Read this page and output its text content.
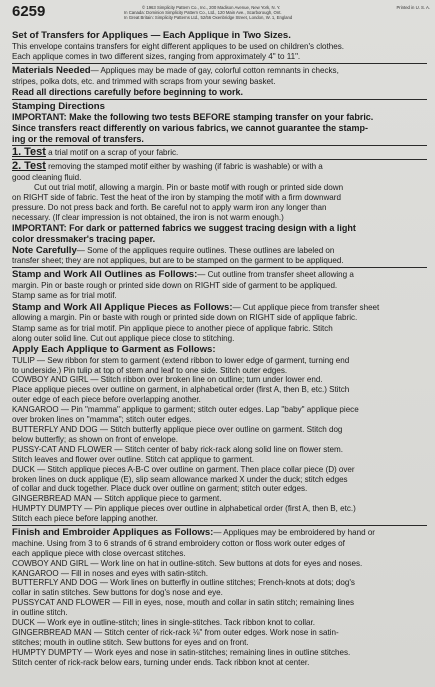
6259	© 1963 Simplicity Pattern Co., Inc., 200 Madison Avenue, New York, N. Y.
In Canada: Dominion Simplicity Pattern Co., Ltd., 120 Main Ave., Scarborough, Ont.
In Great Britain: Simplicity Patterns Ltd., 52/56 Oxenbridge Street, London, W. 1, England
Printed in U. S. A.
Set of Transfers for Appliques — Each Applique in Two Sizes.
This envelope contains transfers for eight different appliques to be used on children's clothes.
Each applique comes in two different sizes, ranging from approximately 4" to 11".
Materials Needed— Appliques may be made of gay, colorful cotton remnants in checks,
stripes, polka dots, etc. and trimmed with scraps from your sewing basket.
Read all directions carefully before beginning to work.
Stamping Directions
IMPORTANT: Make the following two tests BEFORE stamping transfer on your fabric.
Since transfers react differently on various fabrics, we cannot guarantee the stamp-
ing or the removal of transfers.
1. Test a trial motif on a scrap of your fabric.
2. Test removing the stamped motif either by washing (if fabric is washable) or with a
good cleaning fluid.
Cut out trial motif, allowing a margin. Pin or baste motif with rough or printed side down
on RIGHT side of fabric. Test the heat of the iron by stamping the motif with a firm downward
pressure. Do not press back and forth. Be careful not to apply warm iron any longer than
necessary. (If clear impression is not obtained, the iron is not warm enough.)
IMPORTANT: For dark or patterned fabrics we suggest tracing design with a light
color dressmaker's tracing paper.
Note Carefully— Some of the appliques require outlines. These outlines are labeled on
transfer sheet; they are not appliques, but are to be stamped on the garment to be appliqued.
Stamp and Work All Outlines as Follows:— Cut outline from transfer sheet allowing a
margin. Pin or baste rough or printed side down on RIGHT side of garment to be appliqued.
Stamp same as for trial motif.
Stamp and Work All Applique Pieces as Follows:— Cut applique piece from transfer sheet
allowing a margin. Pin or baste with rough or printed side down on RIGHT side of applique fabric.
Stamp same as for trial motif. Pin applique piece to another piece of applique fabric. Stitch
along outer solid line. Cut out applique piece close to stitching.
Apply Each Applique to Garment as Follows:
TULIP — Sew ribbon for stem to garment (extend ribbon to lower edge of garment, turning end
to underside.) Pin tulip at top of stem and leaf to one side. Stitch outer edges.
COWBOY AND GIRL — Stitch ribbon over broken line on outline; turn under lower end.
Place applique pieces over outline on garment, in alphabetical order (first A, then B, etc.) Stitch
outer edge of each piece before overlapping another.
KANGAROO — Pin "mamma" applique to garment; stitch outer edges. Lap "baby" applique piece
over broken lines on "mamma"; stitch outer edges.
BUTTERFLY AND DOG — Stitch butterfly applique piece over outline on garment. Stitch dog
below butterfly; as shown on front of envelope.
PUSSY-CAT AND FLOWER — Stitch center of baby rick-rack along solid line on flower stem.
Stitch leaves and flower over outline. Stitch cat applique to garment.
DUCK — Stitch applique pieces A-B-C over outline on garment. Then place collar piece (D) over
broken lines on duck applique (E), slip seam allowance marked X under the duck; stitch edges
of collar and duck together. Place duck over outline on garment; stitch outer edges.
GINGERBREAD MAN — Stitch applique piece to garment.
HUMPTY DUMPTY — Pin applique pieces over outline in alphabetical order (first A, then B, etc.)
Stitch each piece before lapping another.
Finish and Embroider Appliques as Follows:— Appliques may be embroidered by hand or
machine. Using from 3 to 6 strands of 6 strand embroidery cotton or floss work outer edges of
each applique piece with close overcast stitches.
COWBOY AND GIRL — Work line on hat in outline-stitch. Sew buttons at dots for eyes and noses.
KANGAROO — Fill in noses and eyes with satin-stitch.
BUTTERFLY AND DOG — Work lines on butterfly in outline stitches; French-knots at dots; dog's
collar in satin stitches. Sew buttons for dog's nose and eye.
PUSSYCAT AND FLOWER — Fill in eyes, nose, mouth and collar in satin stitch; remaining lines
in outline stitch.
DUCK — Work eye in outline-stitch; lines in single-stitches. Tack ribbon knot to collar.
GINGERBREAD MAN — Stitch center of rick-rack ⅛" from outer edges. Work nose in satin-
stitches; mouth in outline stitch. Sew buttons for eyes and on front.
HUMPTY DUMPTY — Work eyes and nose in satin-stitches; remaining lines in outline stitches.
Stitch center of rick-rack below ears, turning under ends. Tack ribbon knot at center.
